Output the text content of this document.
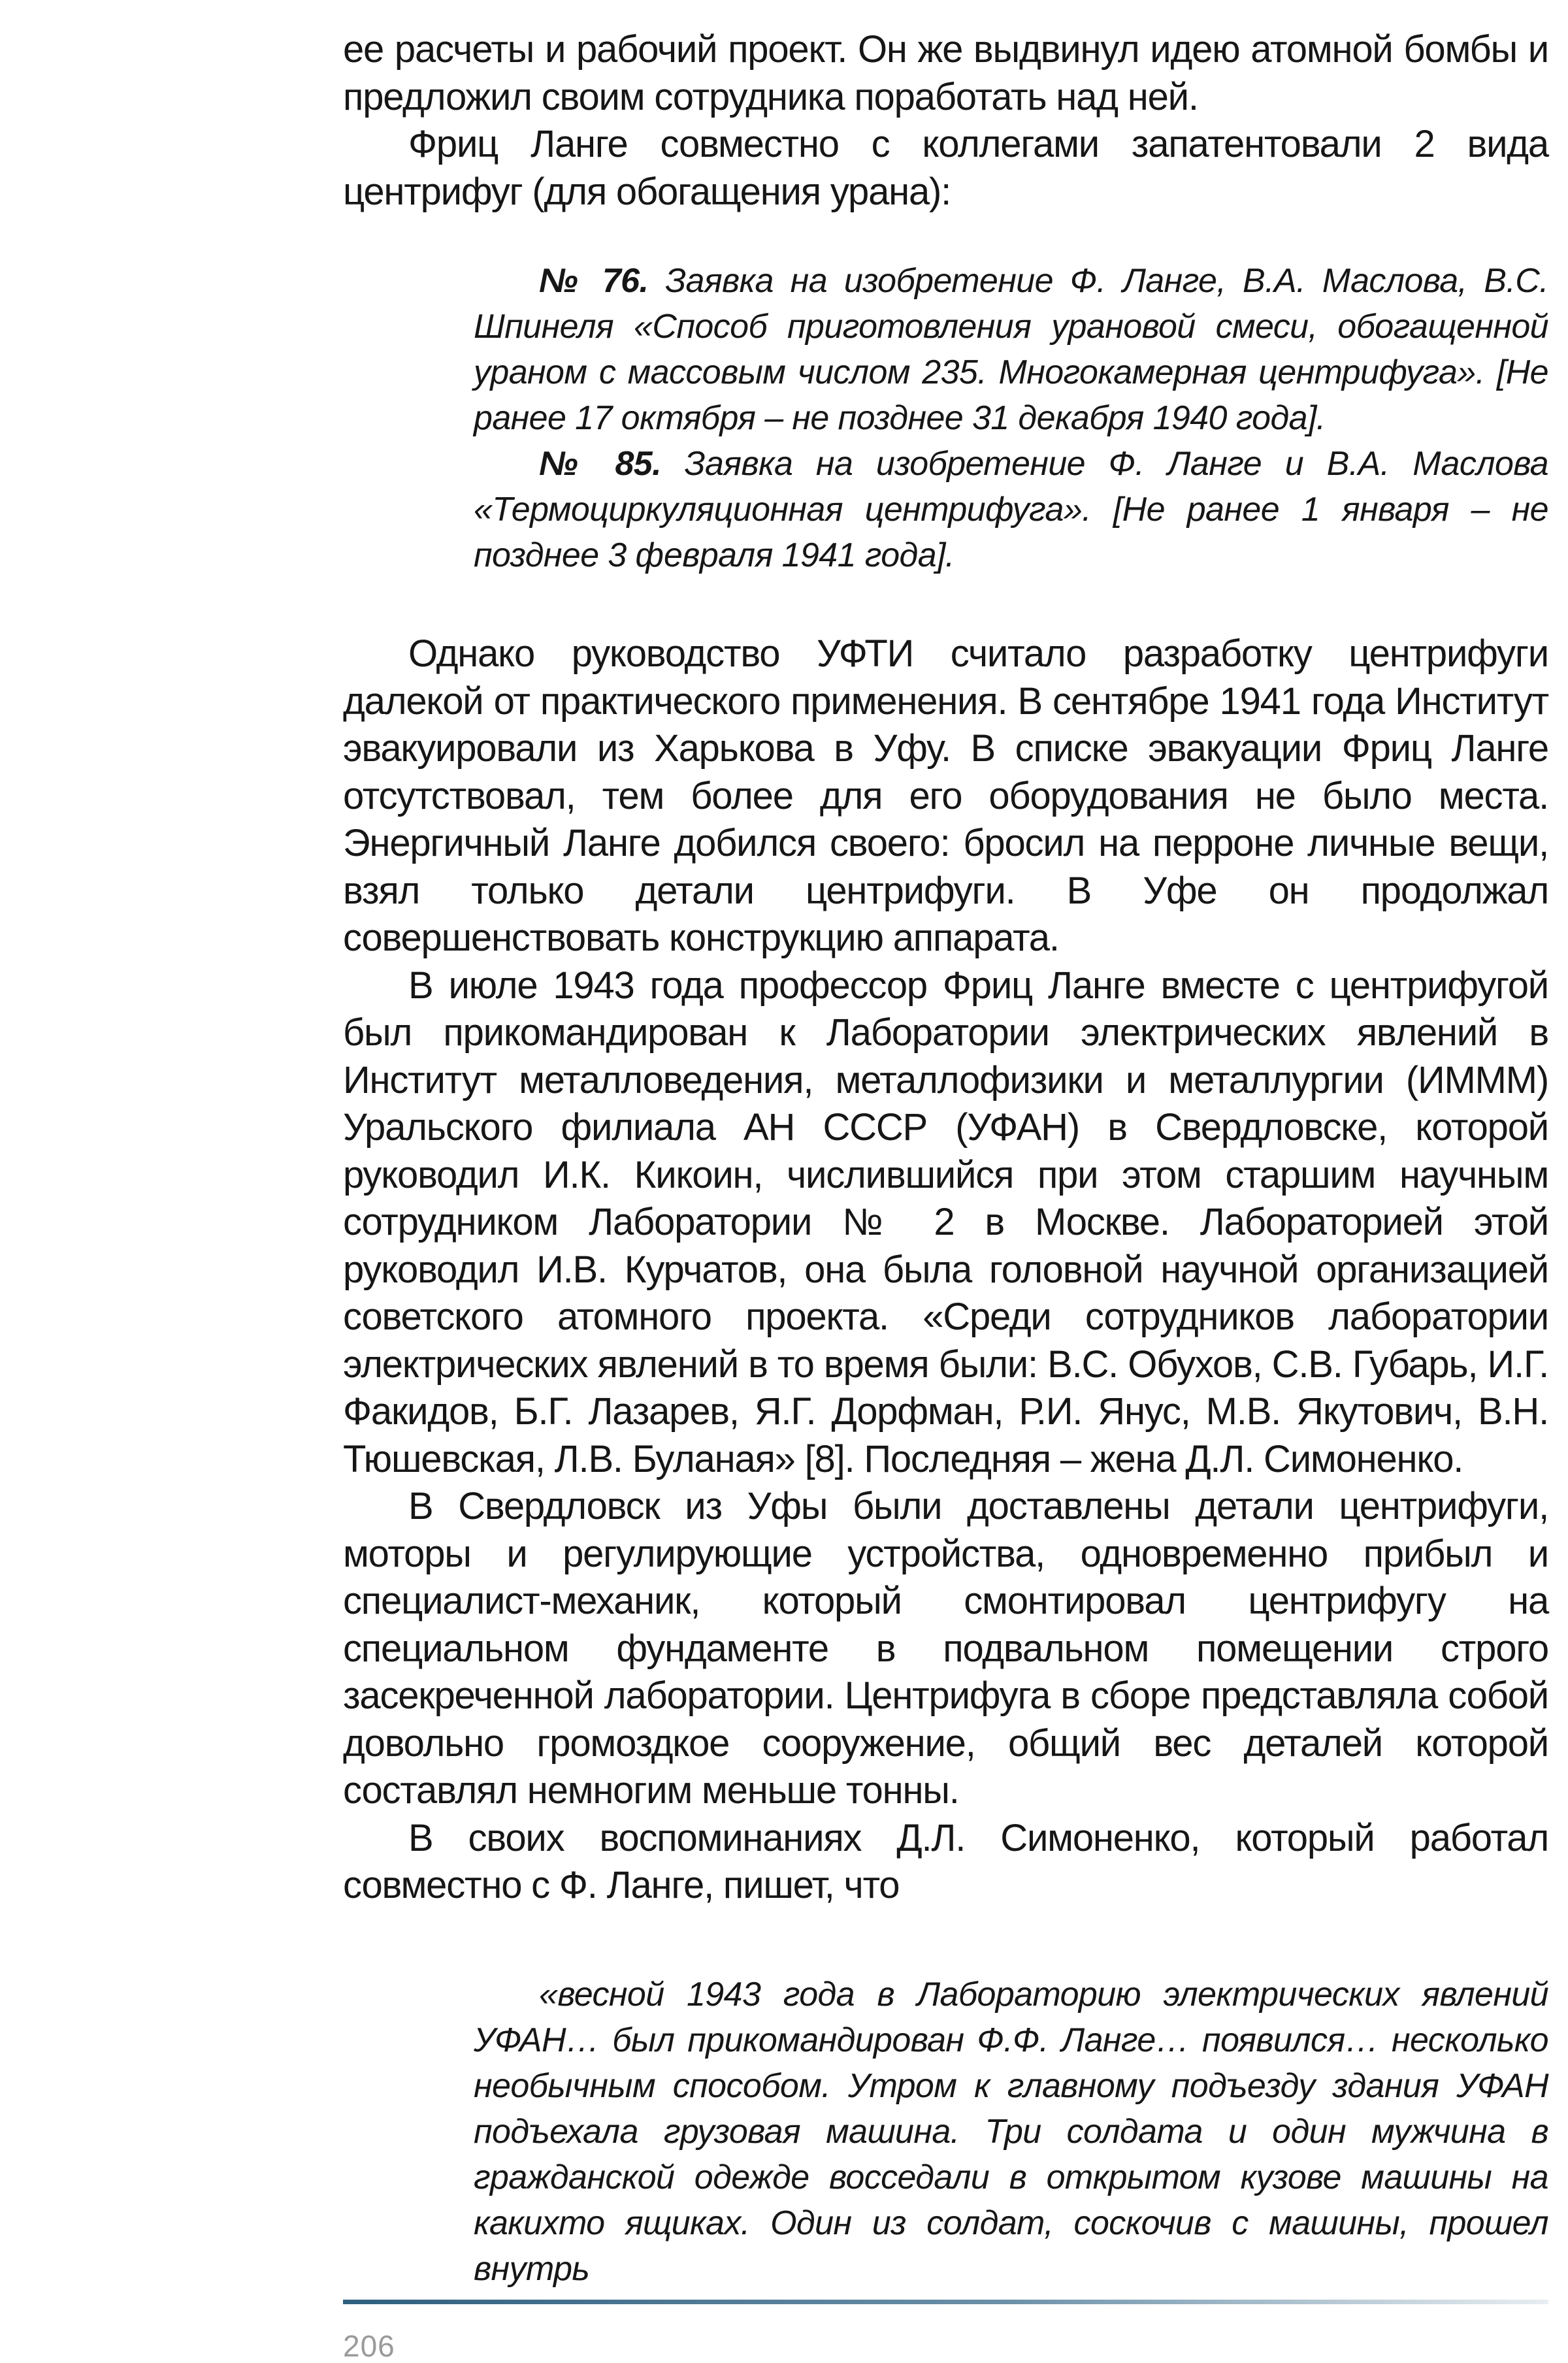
ее расчеты и рабочий проект. Он же выдвинул идею атомной бомбы и предложил своим сотрудника поработать над ней.

Фриц Ланге совместно с коллегами запатентовали 2 вида центрифуг (для обогащения урана):

№ 76. Заявка на изобретение Ф. Ланге, В.А. Маслова, В.С. Шпинеля «Способ приготовления урановой смеси, обогащенной ураном с массовым числом 235. Многокамерная центрифуга». [Не ранее 17 октября – не позднее 31 декабря 1940 года].

№ 85. Заявка на изобретение Ф. Ланге и В.А. Маслова «Термоциркуляционная центрифуга». [Не ранее 1 января – не позднее 3 февраля 1941 года].

Однако руководство УФТИ считало разработку центрифуги далекой от практического применения. В сентябре 1941 года Институт эвакуировали из Харькова в Уфу. В списке эвакуации Фриц Ланге отсутствовал, тем более для его оборудования не было места. Энергичный Ланге добился своего: бросил на перроне личные вещи, взял только детали центрифуги. В Уфе он продолжал совершенствовать конструкцию аппарата.

В июле 1943 года профессор Фриц Ланге вместе с центрифугой был прикомандирован к Лаборатории электрических явлений в Институт металловедения, металлофизики и металлургии (ИМММ) Уральского филиала АН СССР (УФАН) в Свердловске, которой руководил И.К. Кикоин, числившийся при этом старшим научным сотрудником Лаборатории № 2 в Москве. Лабораторией этой руководил И.В. Курчатов, она была головной научной организацией советского атомного проекта. «Среди сотрудников лаборатории электрических явлений в то время были: В.С. Обухов, С.В. Губарь, И.Г. Факидов, Б.Г. Лазарев, Я.Г. Дорфман, Р.И. Янус, М.В. Якутович, В.Н. Тюшевская, Л.В. Буланая» [8]. Последняя – жена Д.Л. Симоненко.

В Свердловск из Уфы были доставлены детали центрифуги, моторы и регулирующие устройства, одновременно прибыл и специалист-механик, который смонтировал центрифугу на специальном фундаменте в подвальном помещении строго засекреченной лаборатории. Центрифуга в сборе представляла собой довольно громоздкое сооружение, общий вес деталей которой составлял немногим меньше тонны.

В своих воспоминаниях Д.Л. Симоненко, который работал совместно с Ф. Ланге, пишет, что

«весной 1943 года в Лабораторию электрических явлений УФАН… был прикомандирован Ф.Ф. Ланге… появился… несколько необычным способом. Утром к главному подъезду здания УФАН подъехала грузовая машина. Три солдата и один мужчина в гражданской одежде восседали в открытом кузове машины на какихто ящиках. Один из солдат, соскочив с машины, прошел внутрь

206
